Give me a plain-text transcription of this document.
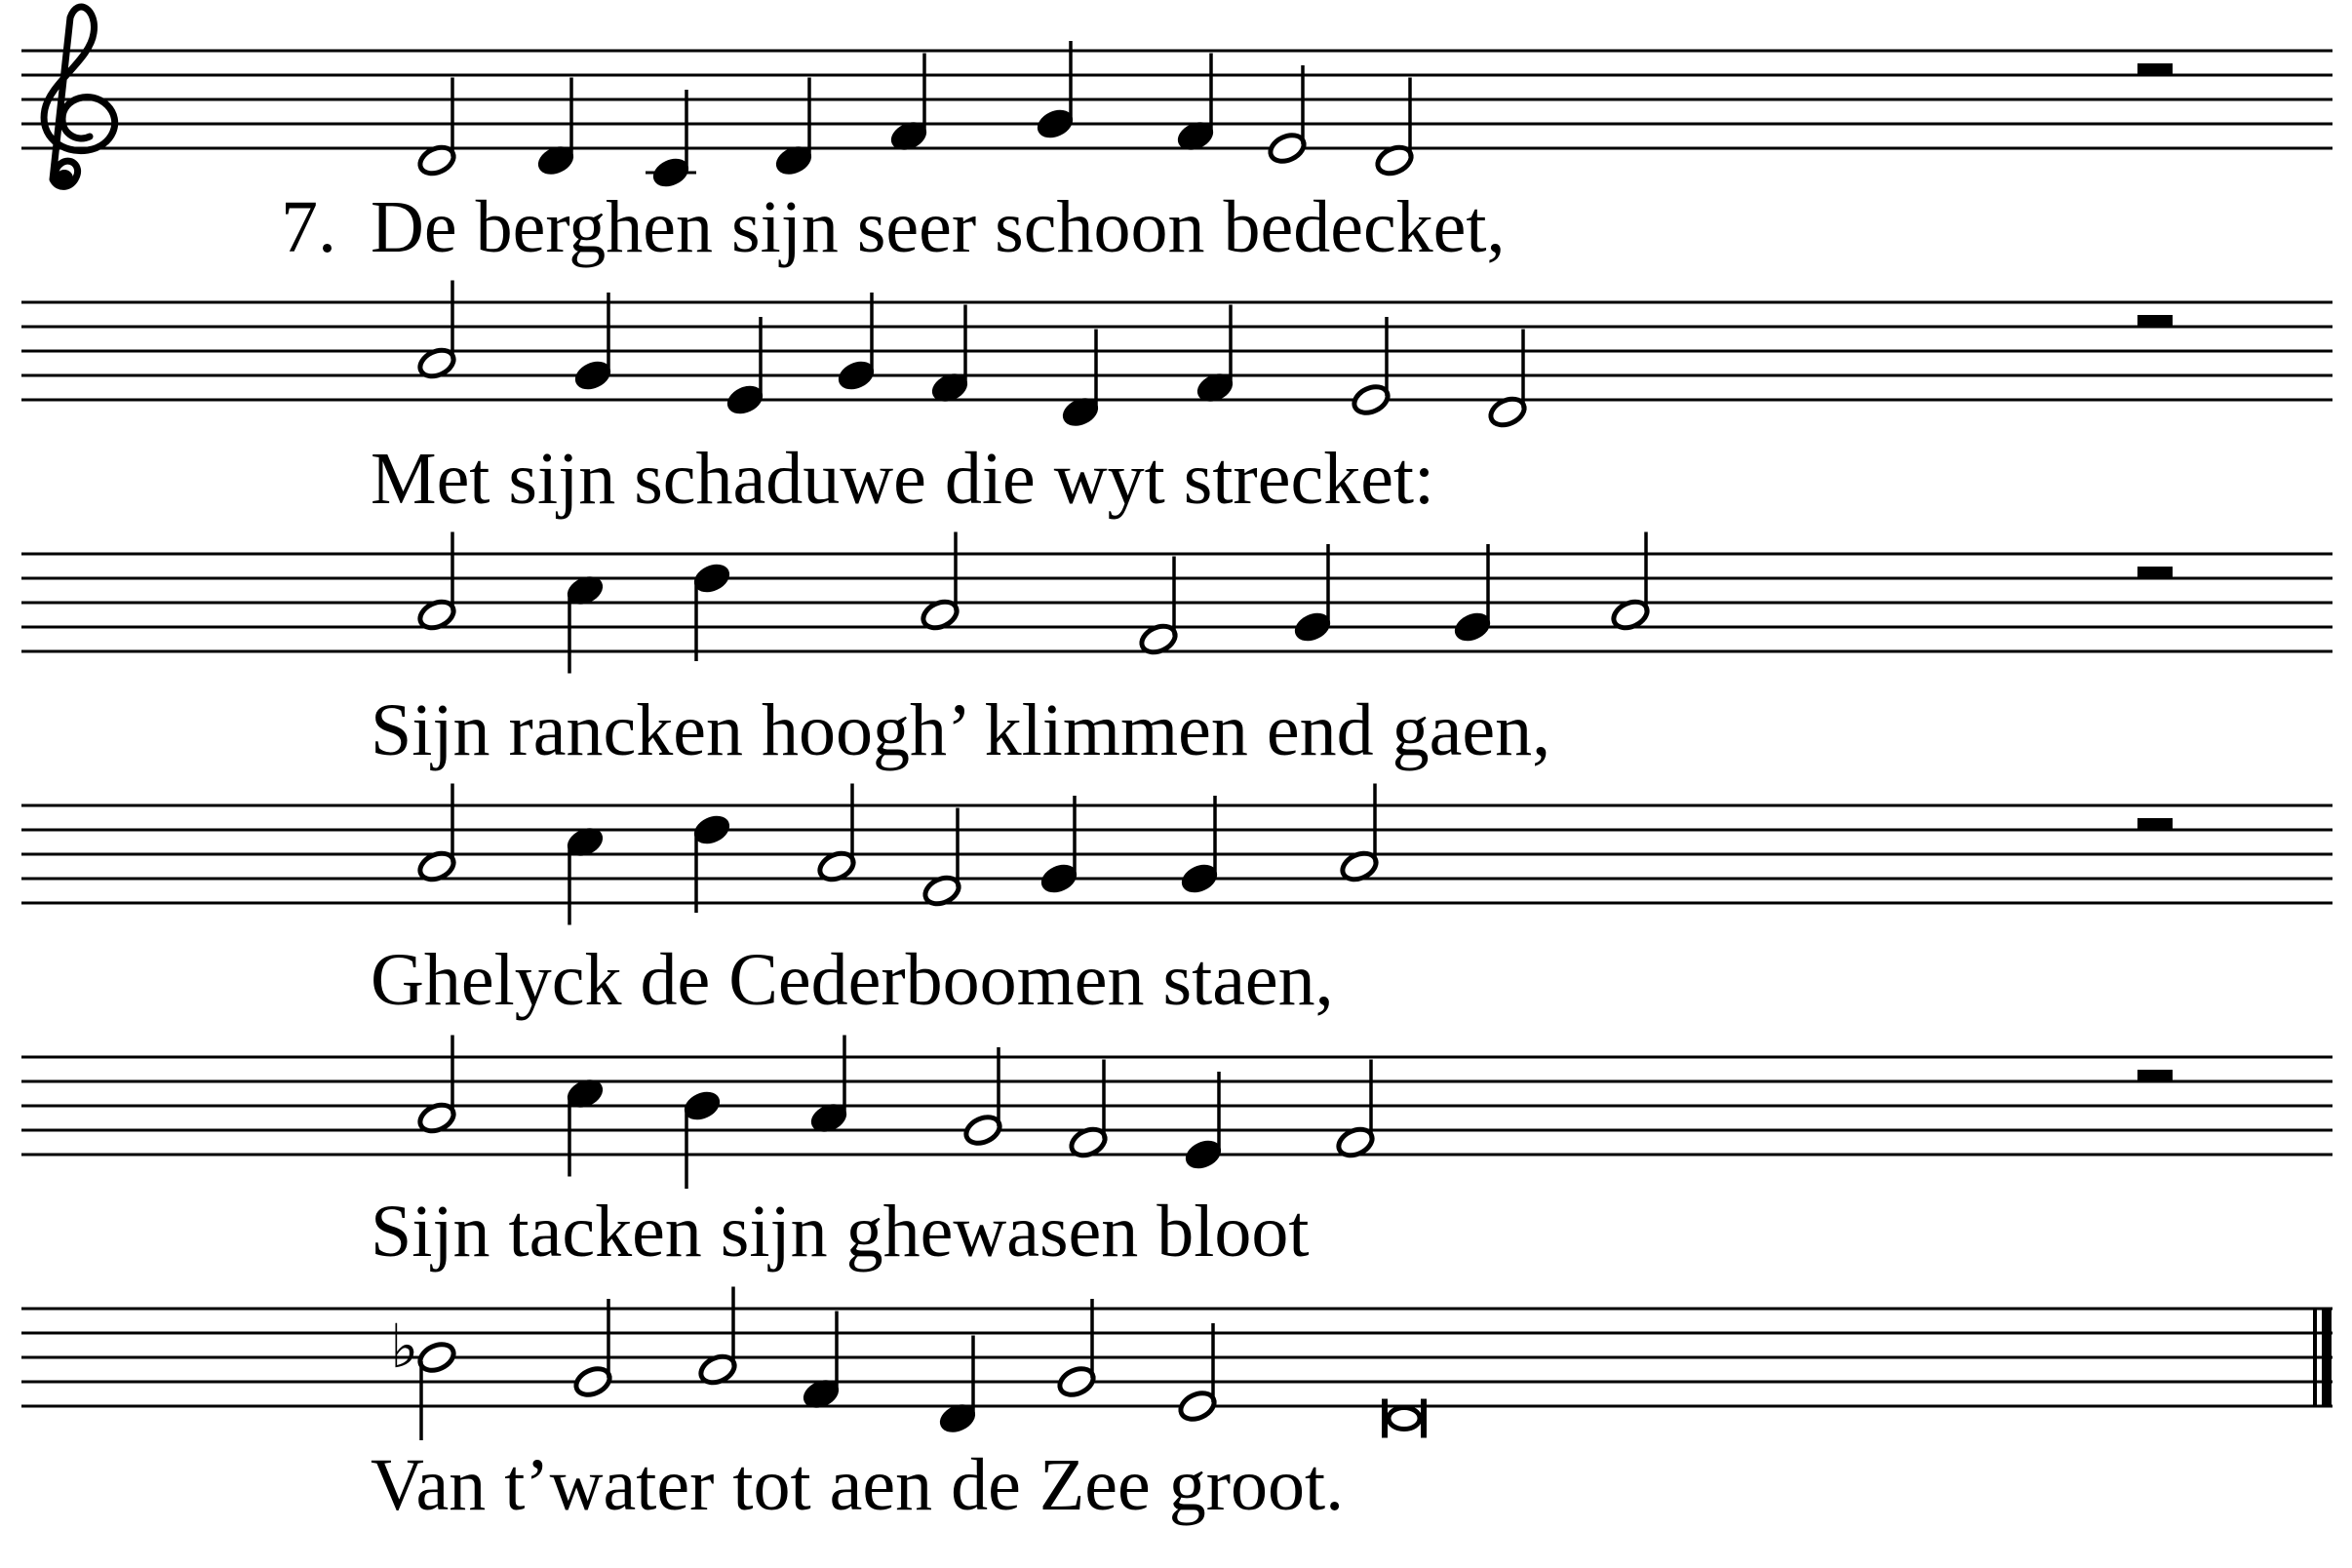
♭
7. De berghen sijn seer schoon bedecket,
Met sijn schaduwe die wyt strecket:
Sijn rancken hoogh’ klimmen end gaen,
Ghelyck de Cederboomen staen,
Sijn tacken sijn ghewasen bloot
Van t’water tot aen de Zee groot.
